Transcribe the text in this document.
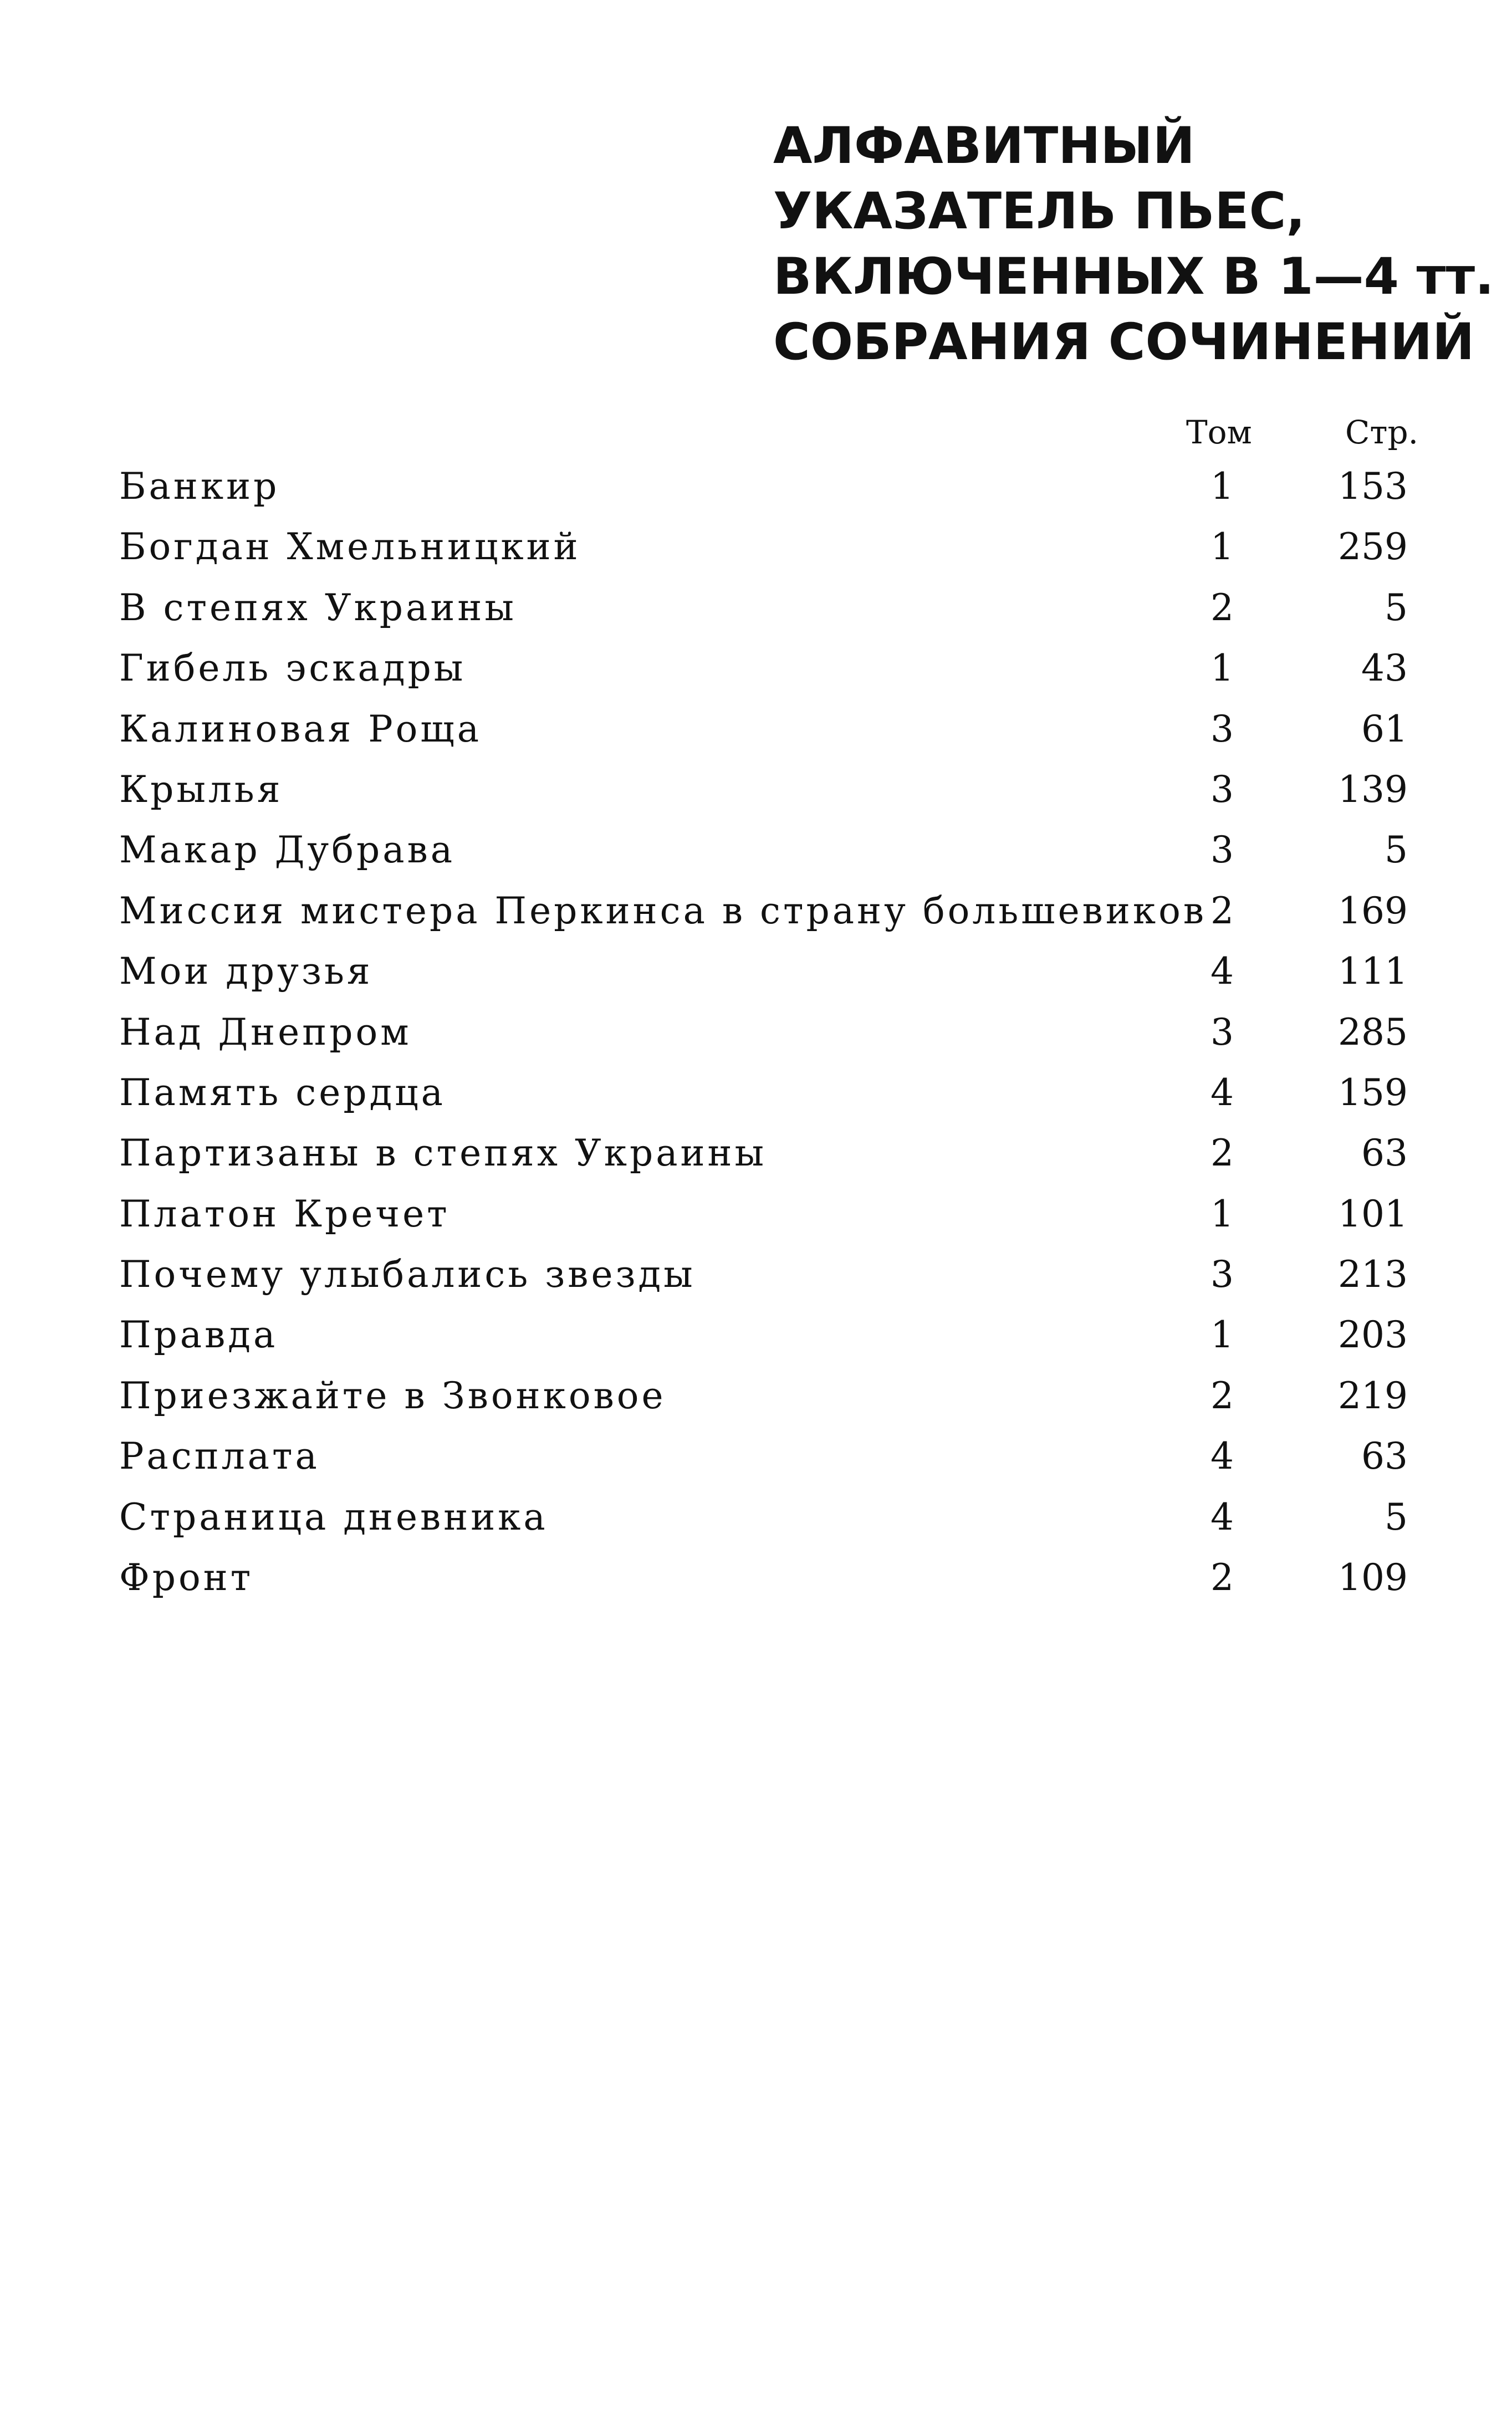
АЛФАВИТНЫЙ
УКАЗАТЕЛЬ ПЬЕС,
ВКЛЮЧЕННЫХ В 1—4 тт.
СОБРАНИЯ СОЧИНЕНИЙ
Том	Стр.
Банкир	1	153
Богдан Хмельницкий	1	259
В степях Украины	2	5
Гибель эскадры	1	43
Калиновая Роща	3	61
Крылья	3	139
Макар Дубрава	3	5
Миссия мистера Перкинса в страну большевиков 2	169
Мои друзья	4	111
Над Днепром	3	285
Память сердца	4	159
Партизаны в степях Украины	2	63
Платон Кречет	1	101
Почему улыбались звезды	3	213
Правда	1	203
Приезжайте в Звонковое	2	219
Расплата	4	63
Страница дневника	4	5
Фронт	2	109
